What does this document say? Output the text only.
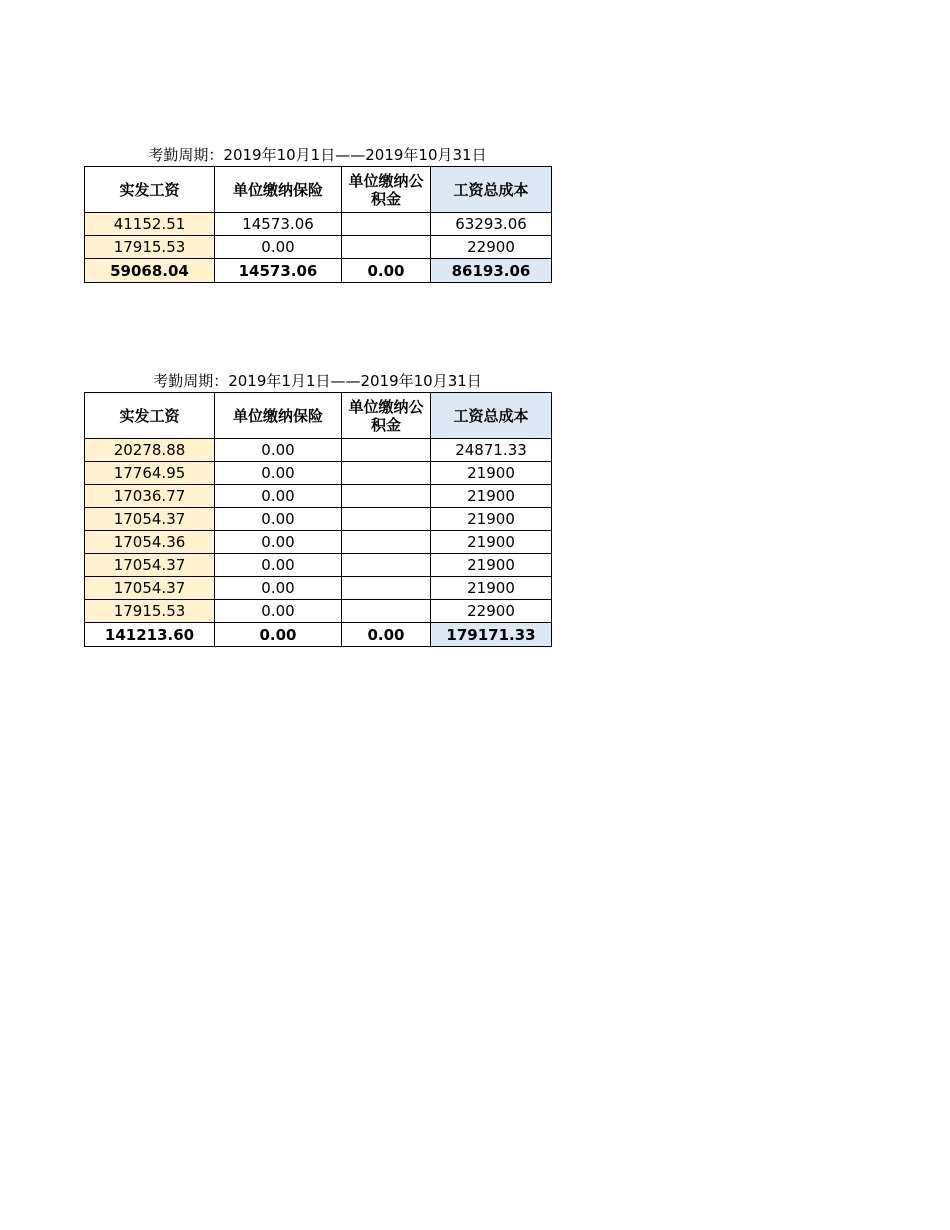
考勤周期：2019年10月1日——2019年10月31日
实发工资	单位缴纳保险	单位缴纳公积金	工资总成本
41152.51	14573.06		63293.06
17915.53	0.00		22900
59068.04	14573.06	0.00	86193.06
考勤周期：2019年1月1日——2019年10月31日
实发工资	单位缴纳保险	单位缴纳公积金	工资总成本
20278.88	0.00		24871.33
17764.95	0.00		21900
17036.77	0.00		21900
17054.37	0.00		21900
17054.36	0.00		21900
17054.37	0.00		21900
17054.37	0.00		21900
17915.53	0.00		22900
141213.60	0.00	0.00	179171.33
